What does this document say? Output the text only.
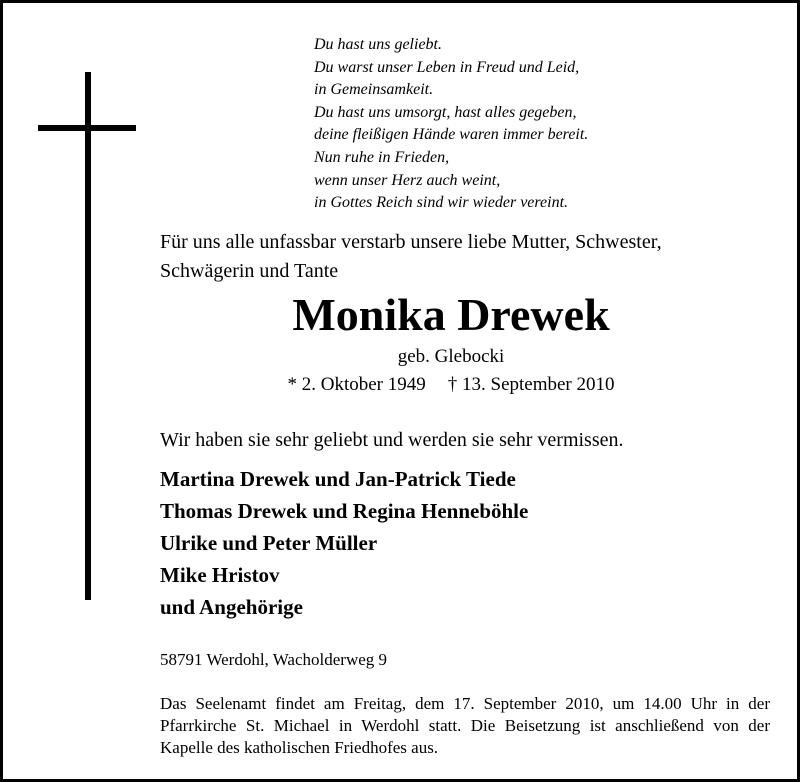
Du hast uns geliebt.
Du warst unser Leben in Freud und Leid,
in Gemeinsamkeit.
Du hast uns umsorgt, hast alles gegeben,
deine fleißigen Hände waren immer bereit.
Nun ruhe in Frieden,
wenn unser Herz auch weint,
in Gottes Reich sind wir wieder vereint.

Für uns alle unfassbar verstarb unsere liebe Mutter, Schwester, Schwägerin und Tante

Monika Drewek
geb. Glebocki
* 2. Oktober 1949 † 13. September 2010
Wir haben sie sehr geliebt und werden sie sehr vermissen.
Martina Drewek und Jan-Patrick Tiede
Thomas Drewek und Regina Henneböhle
Ulrike und Peter Müller
Mike Hristov
und Angehörige
58791 Werdohl, Wacholderweg 9

Das Seelenamt findet am Freitag, dem 17. September 2010, um 14.00 Uhr in der Pfarrkirche St. Michael in Werdohl statt. Die Beisetzung ist anschließend von der Kapelle des katholischen Friedhofes aus.
